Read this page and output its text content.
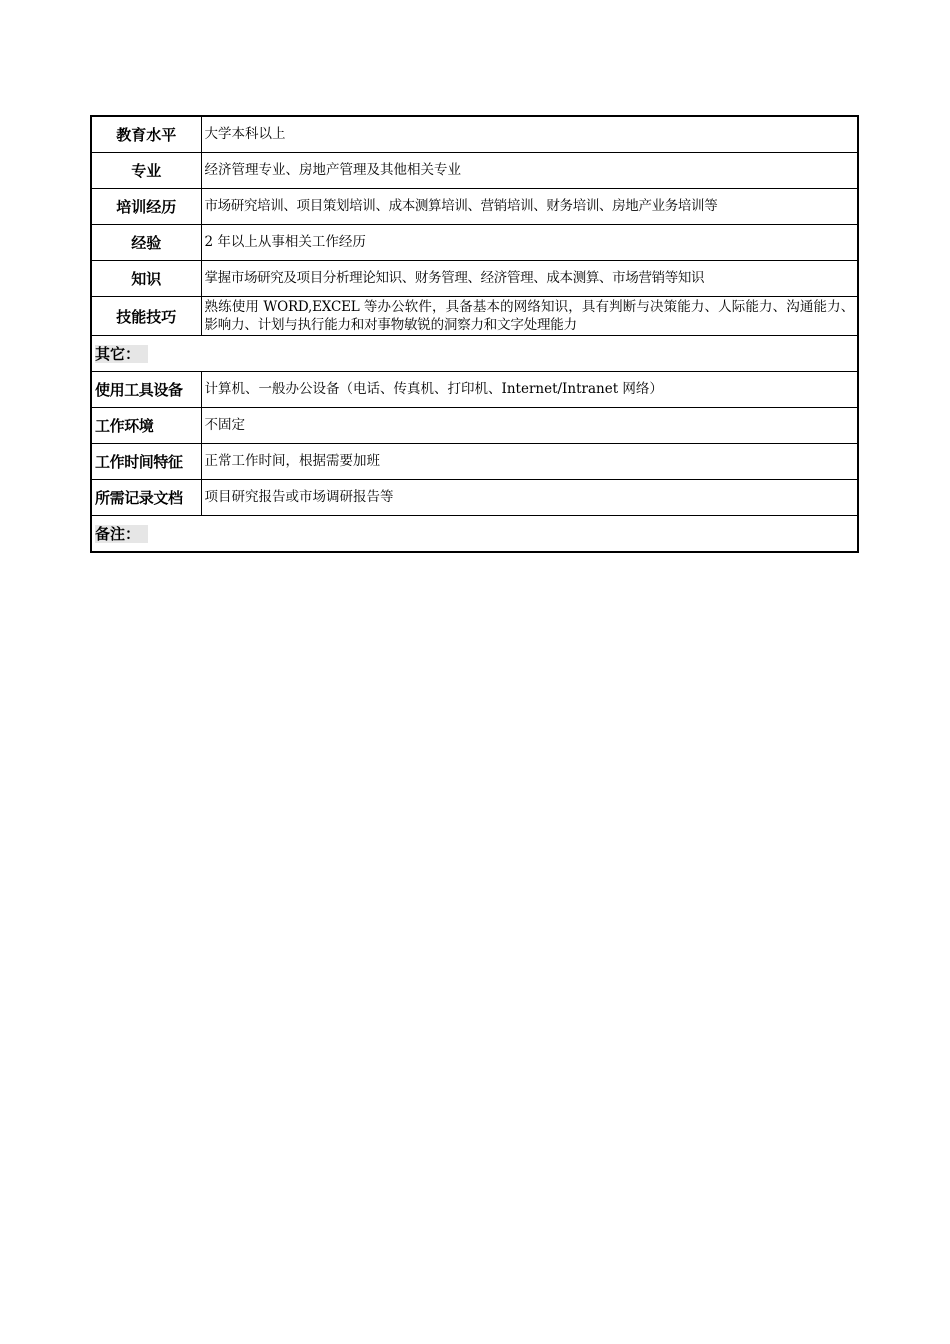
教育水平	大学本科以上
专业	经济管理专业、房地产管理及其他相关专业
培训经历	市场研究培训、项目策划培训、成本测算培训、营销培训、财务培训、房地产业务培训等
经验	2 年以上从事相关工作经历
知识	掌握市场研究及项目分析理论知识、财务管理、经济管理、成本测算、市场营销等知识
技能技巧	熟练使用 WORD,EXCEL 等办公软件，具备基本的网络知识，具有判断与决策能力、人际能力、沟通能力、影响力、计划与执行能力和对事物敏锐的洞察力和文字处理能力
其它：	
使用工具设备	计算机、一般办公设备（电话、传真机、打印机、Internet/Intranet 网络）
工作环境	不固定
工作时间特征	正常工作时间，根据需要加班
所需记录文档	项目研究报告或市场调研报告等
备注：	
